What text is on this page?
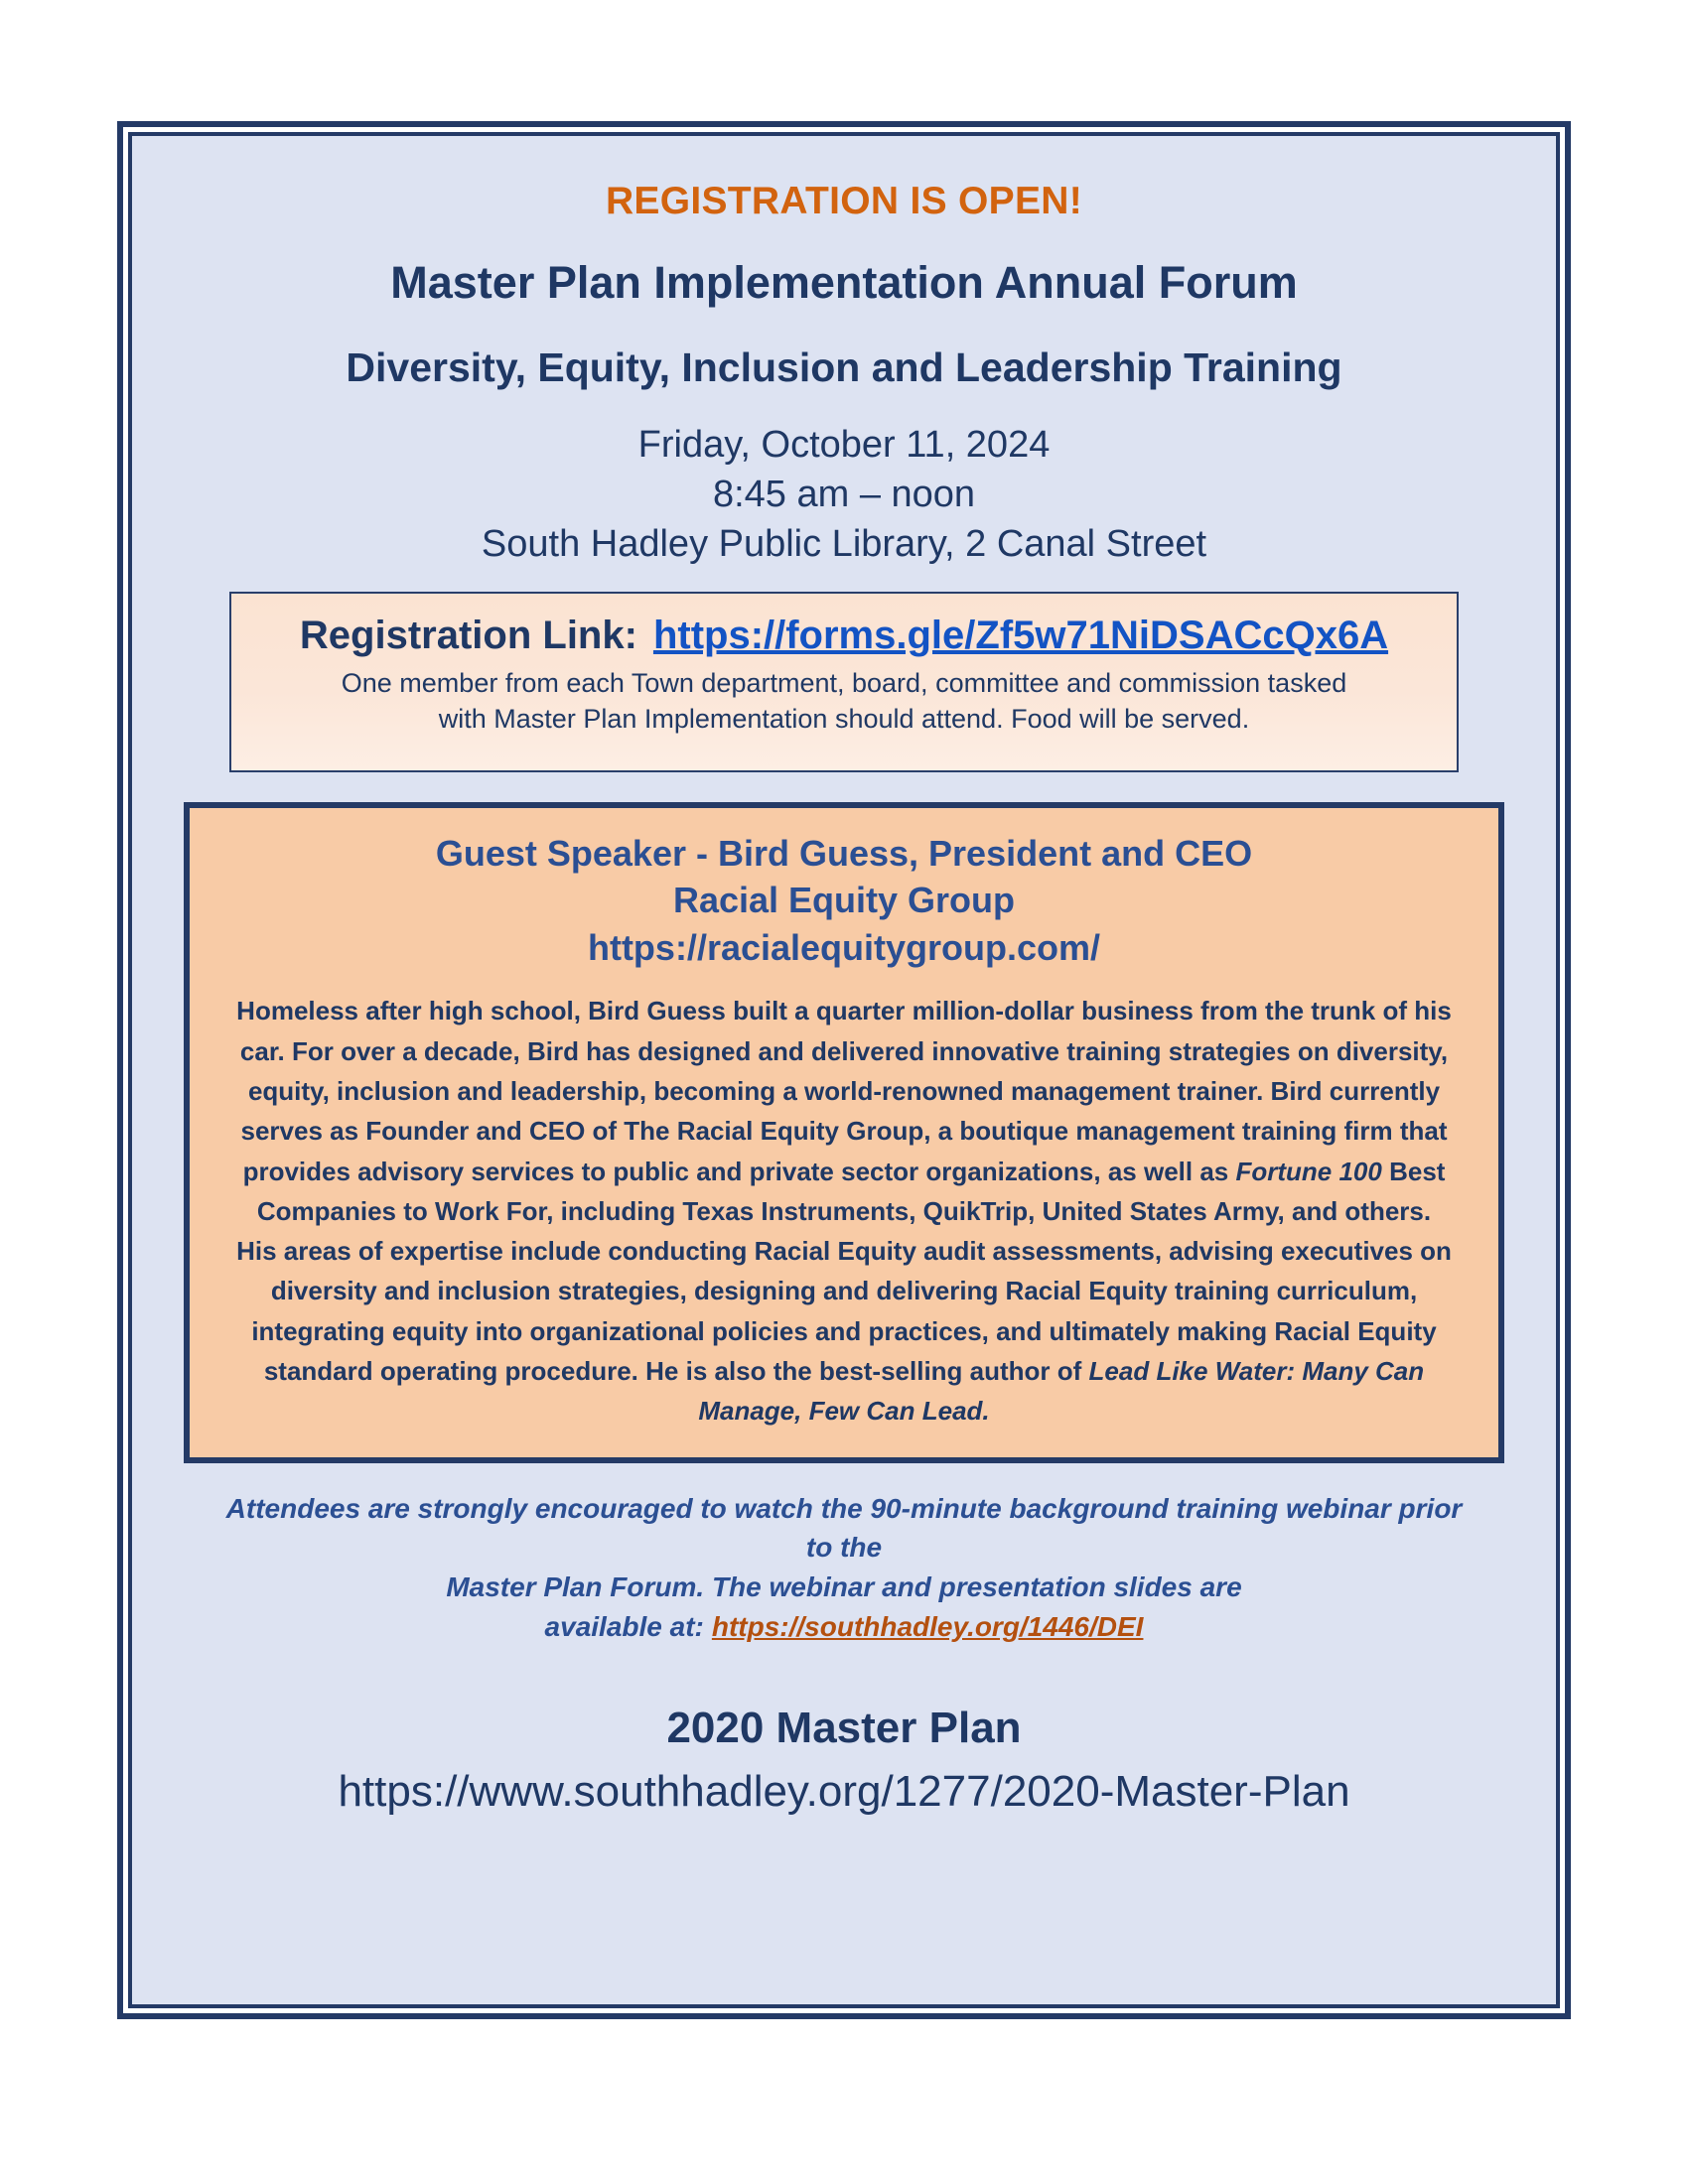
REGISTRATION IS OPEN!
Master Plan Implementation Annual Forum
Diversity, Equity, Inclusion and Leadership Training
Friday, October 11, 2024
8:45 am – noon
South Hadley Public Library, 2 Canal Street
Registration Link: https://forms.gle/Zf5w71NiDSACcQx6A
One member from each Town department, board, committee and commission tasked
with Master Plan Implementation should attend. Food will be served.
Guest Speaker - Bird Guess, President and CEO
Racial Equity Group
https://racialequitygroup.com/
Homeless after high school, Bird Guess built a quarter million-dollar business from the trunk of his car. For over a decade, Bird has designed and delivered innovative training strategies on diversity, equity, inclusion and leadership, becoming a world-renowned management trainer. Bird currently serves as Founder and CEO of The Racial Equity Group, a boutique management training firm that provides advisory services to public and private sector organizations, as well as Fortune 100 Best Companies to Work For, including Texas Instruments, QuikTrip, United States Army, and others. His areas of expertise include conducting Racial Equity audit assessments, advising executives on diversity and inclusion strategies, designing and delivering Racial Equity training curriculum, integrating equity into organizational policies and practices, and ultimately making Racial Equity standard operating procedure. He is also the best-selling author of Lead Like Water: Many Can Manage, Few Can Lead.
Attendees are strongly encouraged to watch the 90-minute background training webinar prior to the
Master Plan Forum. The webinar and presentation slides are
available at: https://southhadley.org/1446/DEI
2020 Master Plan
https://www.southhadley.org/1277/2020-Master-Plan
